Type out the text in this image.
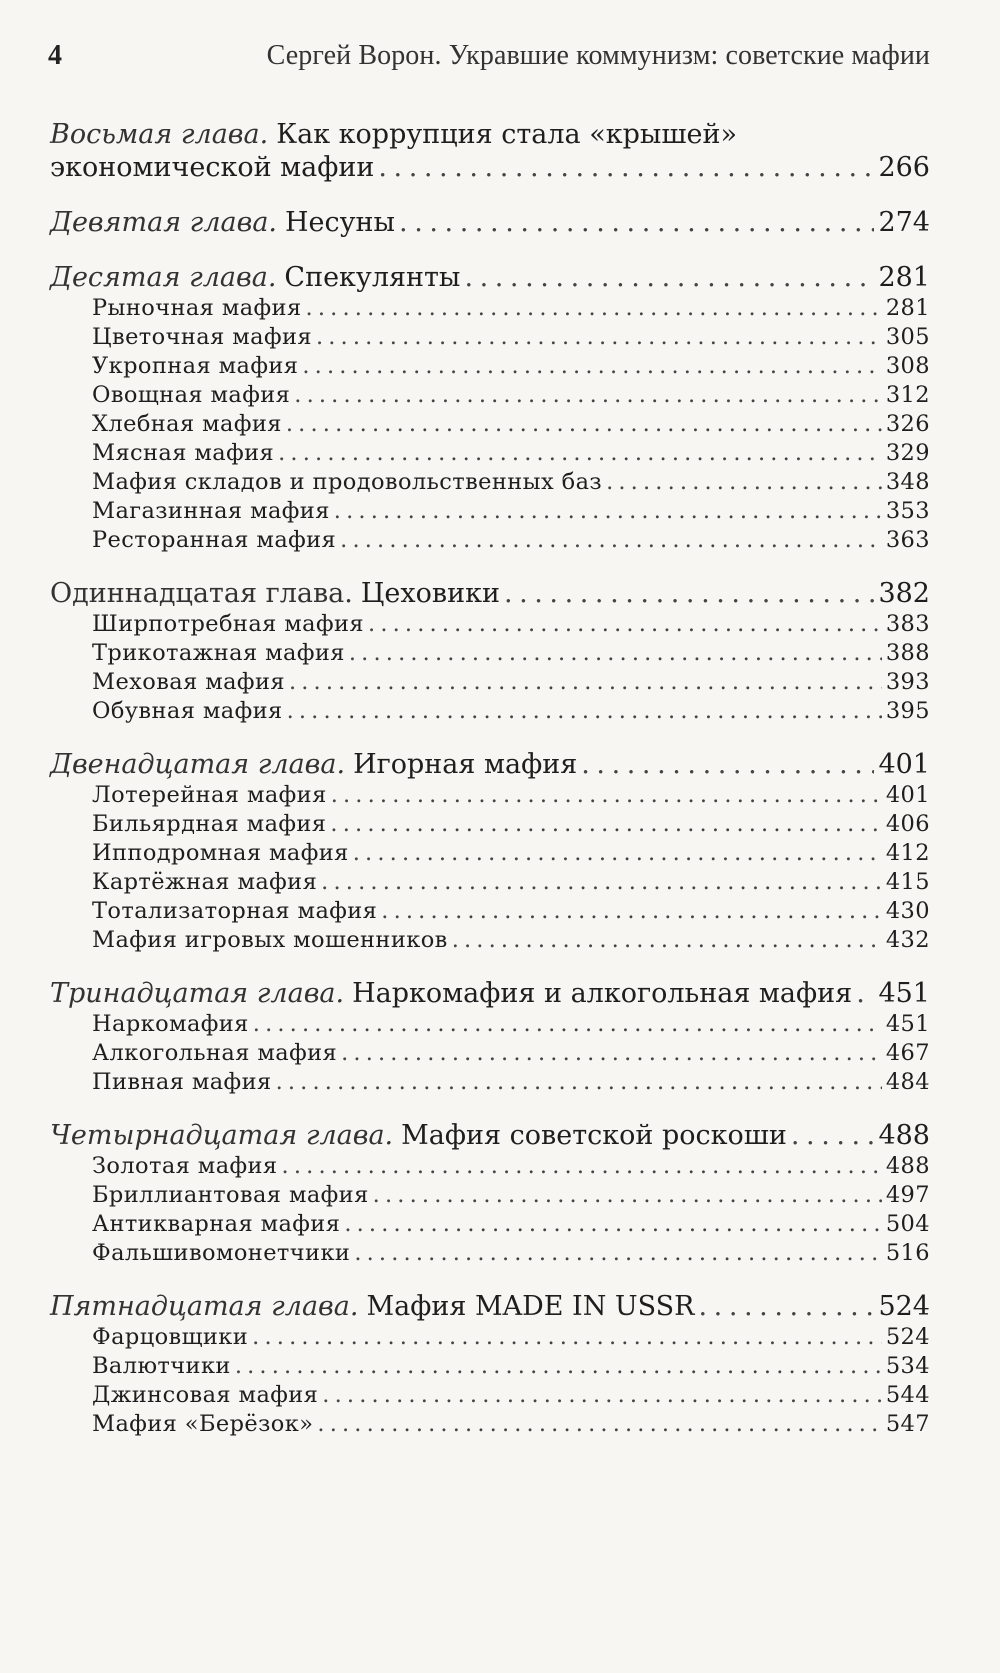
4	Сергей Ворон. Укравшие коммунизм: советские мафии
Восьмая глава. Как коррупция стала «крышей»
экономической мафии . . .	266
Девятая глава. Несуны . . .	274
Десятая глава. Спекулянты . . .	281
Рыночная мафия . . .	281
Цветочная мафия . . .	305
Укропная мафия . . .	308
Овощная мафия . . .	312
Хлебная мафия . . .	326
Мясная мафия . . .	329
Мафия складов и продовольственных баз . . .	348
Магазинная мафия . . .	353
Ресторанная мафия . . .	363
Одиннадцатая глава. Цеховики . . .	382
Ширпотребная мафия . . .	383
Трикотажная мафия . . .	388
Меховая мафия . . .	393
Обувная мафия . . .	395
Двенадцатая глава. Игорная мафия . . .	401
Лотерейная мафия . . .	401
Бильярдная мафия . . .	406
Ипподромная мафия . . .	412
Картёжная мафия . . .	415
Тотализаторная мафия . . .	430
Мафия игровых мошенников . . .	432
Тринадцатая глава. Наркомафия и алкогольная мафия . . . 451
Наркомафия . . .	451
Алкогольная мафия . . .	467
Пивная мафия . . .	484
Четырнадцатая глава. Мафия советской роскоши . . .	488
Золотая мафия . . .	488
Бриллиантовая мафия . . .	497
Антикварная мафия . . .	504
Фальшивомонетчики . . .	516
Пятнадцатая глава. Мафия MADE IN USSR . . .	524
Фарцовщики . . .	524
Валютчики . . .	534
Джинсовая мафия . . .	544
Мафия «Берёзок» . . .	547
